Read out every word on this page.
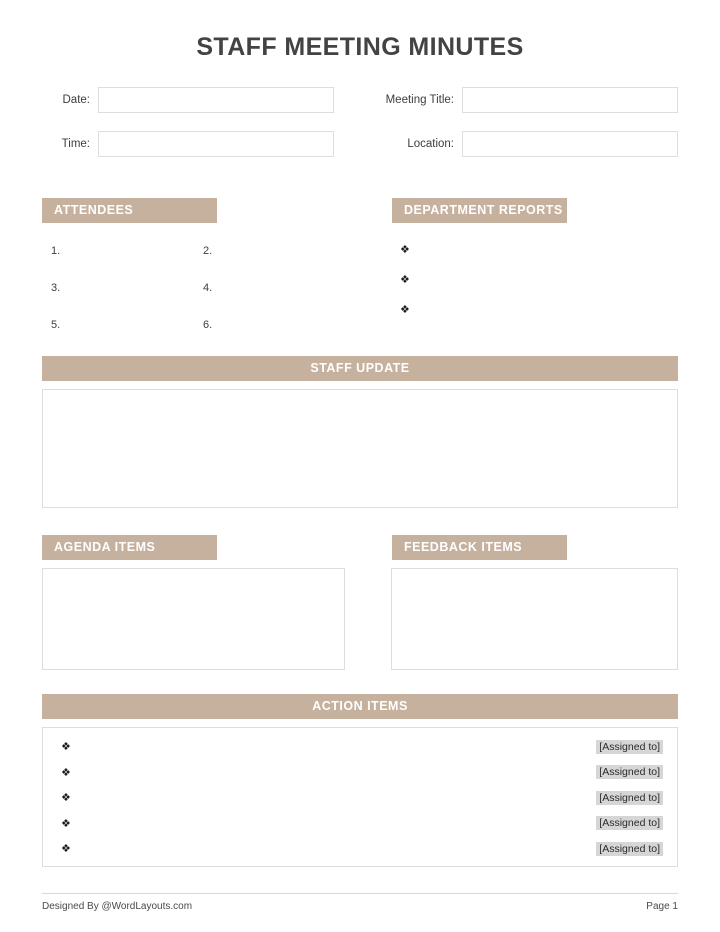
STAFF MEETING MINUTES
Date:
Time:
Meeting Title:
Location:
ATTENDEES
1.	2.
3.	4.
5.	6.
DEPARTMENT REPORTS
❖
❖
❖
STAFF UPDATE
AGENDA ITEMS	FEEDBACK ITEMS
ACTION ITEMS
❖	[Assigned to]
❖	[Assigned to]
❖	[Assigned to]
❖	[Assigned to]
❖	[Assigned to]
Designed By @WordLayouts.com	Page 1
